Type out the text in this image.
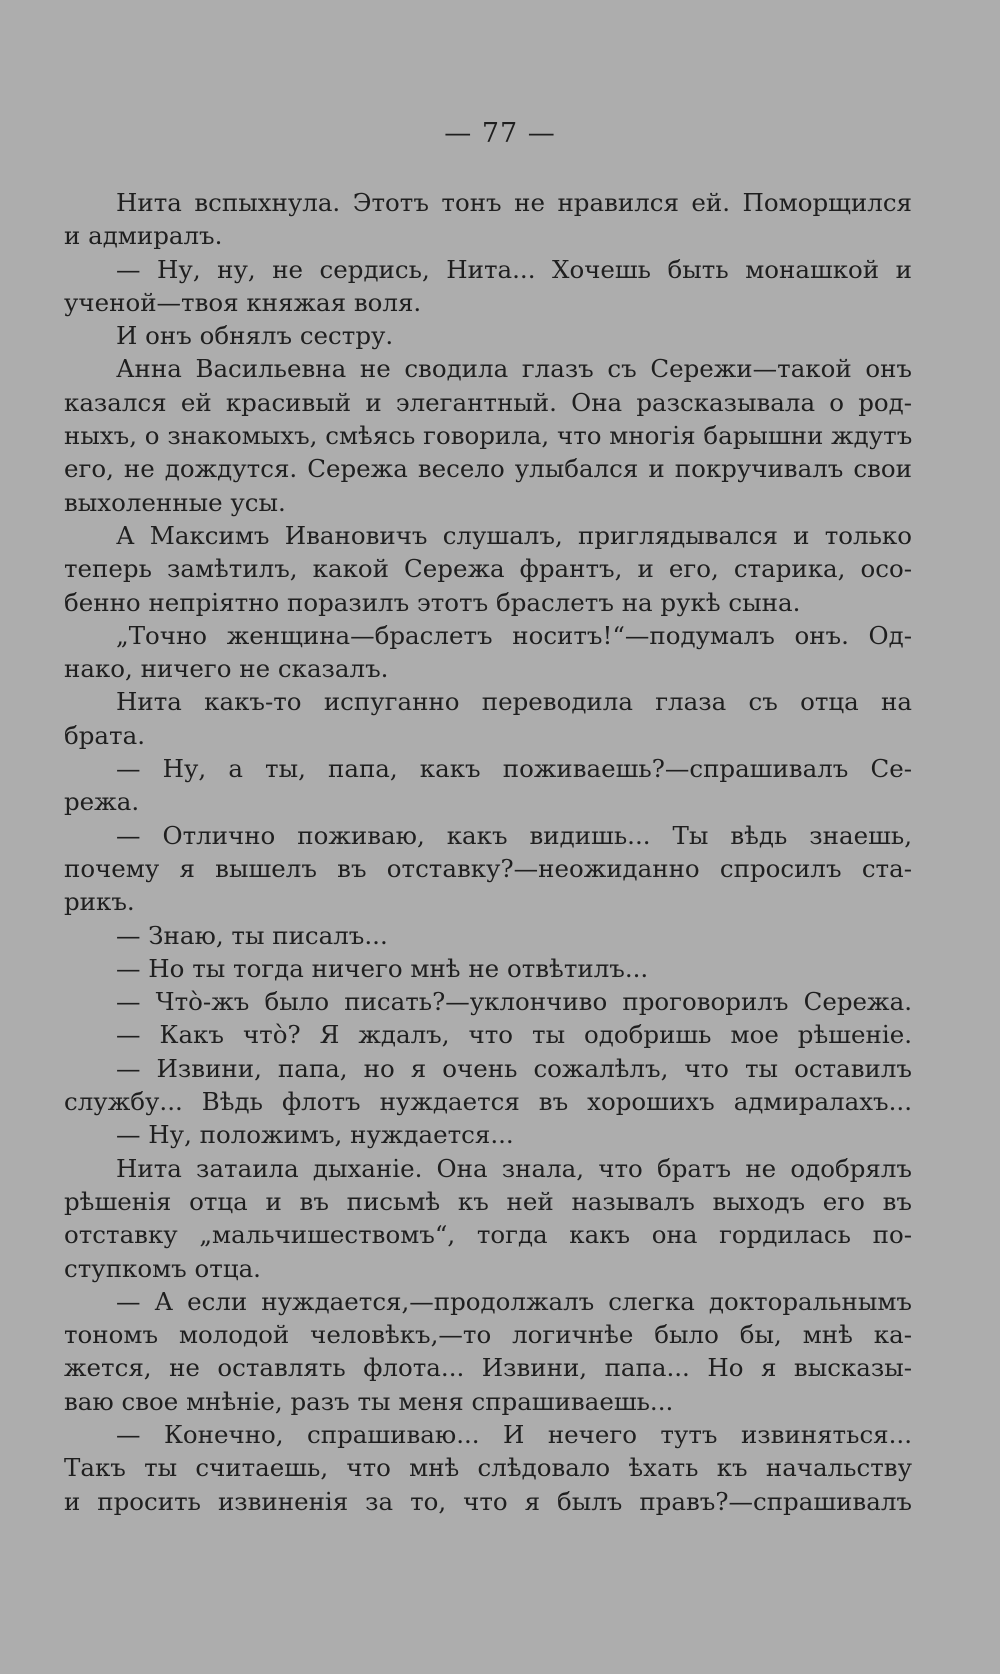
— 77 —
Нита вспыхнула. Этотъ тонъ не нравился ей. Поморщился
и адмиралъ.
— Ну, ну, не сердись, Нита... Хочешь быть монашкой и
ученой—твоя княжая воля.
И онъ обнялъ сестру.
Анна Васильевна не сводила глазъ съ Сережи—такой онъ
казался ей красивый и элегантный. Она разсказывала о род-
ныхъ, о знакомыхъ, смѣясь говорила, что многія барышни ждутъ
его, не дождутся. Сережа весело улыбался и покручивалъ свои
выхоленные усы.
А Максимъ Ивановичъ слушалъ, приглядывался и только
теперь замѣтилъ, какой Сережа франтъ, и его, старика, осо-
бенно непріятно поразилъ этотъ браслетъ на рукѣ сына.
„Точно женщина—браслетъ носитъ!“—подумалъ онъ. Од-
нако, ничего не сказалъ.
Нита какъ-то испуганно переводила глаза съ отца на
брата.
— Ну, а ты, папа, какъ поживаешь?—спрашивалъ Се-
режа.
— Отлично поживаю, какъ видишь... Ты вѣдь знаешь,
почему я вышелъ въ отставку?—неожиданно спросилъ ста-
рикъ.
— Знаю, ты писалъ...
— Но ты тогда ничего мнѣ не отвѣтилъ...
— Чтò-жъ было писать?—уклончиво проговорилъ Сережа.
— Какъ чтò? Я ждалъ, что ты одобришь мое рѣшеніе.
— Извини, папа, но я очень сожалѣлъ, что ты оставилъ
службу... Вѣдь флотъ нуждается въ хорошихъ адмиралахъ...
— Ну, положимъ, нуждается...
Нита затаила дыханіе. Она знала, что братъ не одобрялъ
рѣшенія отца и въ письмѣ къ ней называлъ выходъ его въ
отставку „мальчишествомъ“, тогда какъ она гордилась по-
ступкомъ отца.
— А если нуждается,—продолжалъ слегка докторальнымъ
тономъ молодой человѣкъ,—то логичнѣе было бы, мнѣ ка-
жется, не оставлять флота... Извини, папа... Но я высказы-
ваю свое мнѣніе, разъ ты меня спрашиваешь...
— Конечно, спрашиваю... И нечего тутъ извиняться...
Такъ ты считаешь, что мнѣ слѣдовало ѣхать къ начальству
и просить извиненія за то, что я былъ правъ?—спрашивалъ
